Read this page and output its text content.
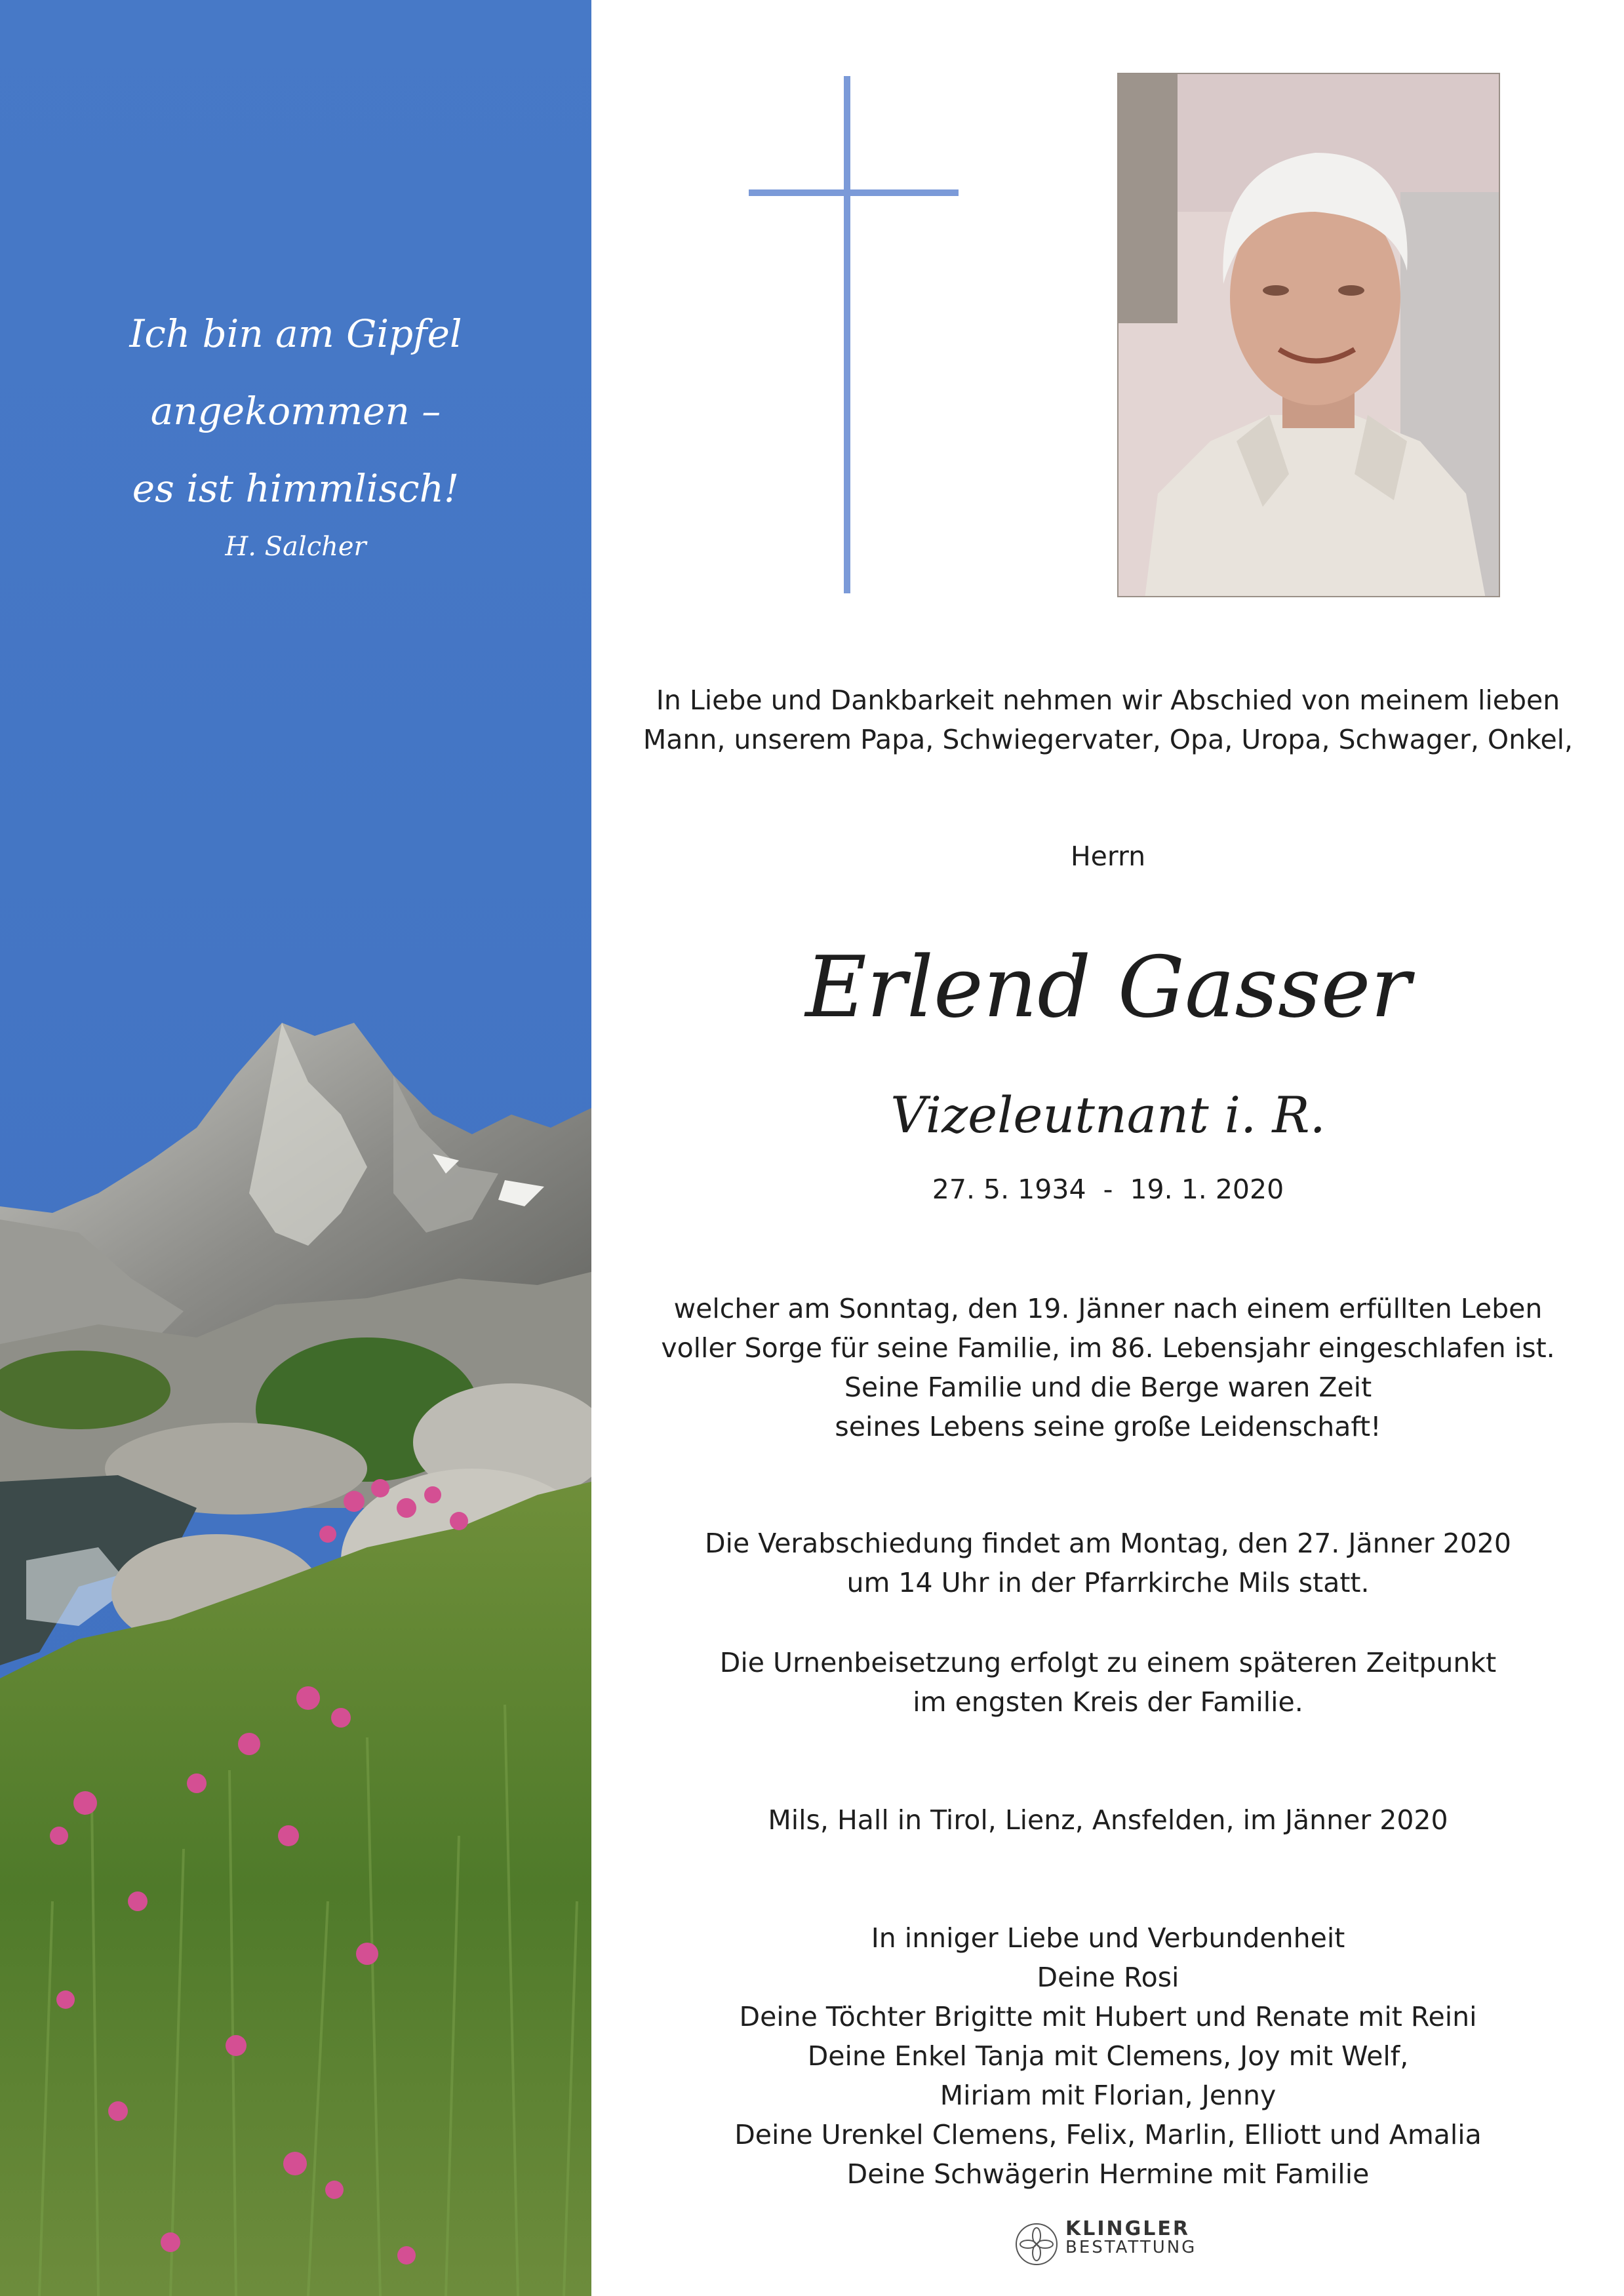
Ich bin am Gipfel
angekommen –
es ist himmlisch!
H. Salcher
In Liebe und Dankbarkeit nehmen wir Abschied von meinem lieben
Mann, unserem Papa, Schwiegervater, Opa, Uropa, Schwager, Onkel,
Herrn
Erlend Gasser
Vizeleutnant i. R.
27. 5. 1934  -  19. 1. 2020
welcher am Sonntag, den 19. Jänner nach einem erfüllten Leben
voller Sorge für seine Familie, im 86. Lebensjahr eingeschlafen ist.
Seine Familie und die Berge waren Zeit
seines Lebens seine große Leidenschaft!
Die Verabschiedung findet am Montag, den 27. Jänner 2020
um 14 Uhr in der Pfarrkirche Mils statt.
Die Urnenbeisetzung erfolgt zu einem späteren Zeitpunkt
im engsten Kreis der Familie.
Mils, Hall in Tirol, Lienz, Ansfelden, im Jänner 2020
In inniger Liebe und Verbundenheit
Deine Rosi
Deine Töchter Brigitte mit Hubert und Renate mit Reini
Deine Enkel Tanja mit Clemens, Joy mit Welf,
Miriam mit Florian, Jenny
Deine Urenkel Clemens, Felix, Marlin, Elliott und Amalia
Deine Schwägerin Hermine mit Familie
KLINGLER
BESTATTUNG
